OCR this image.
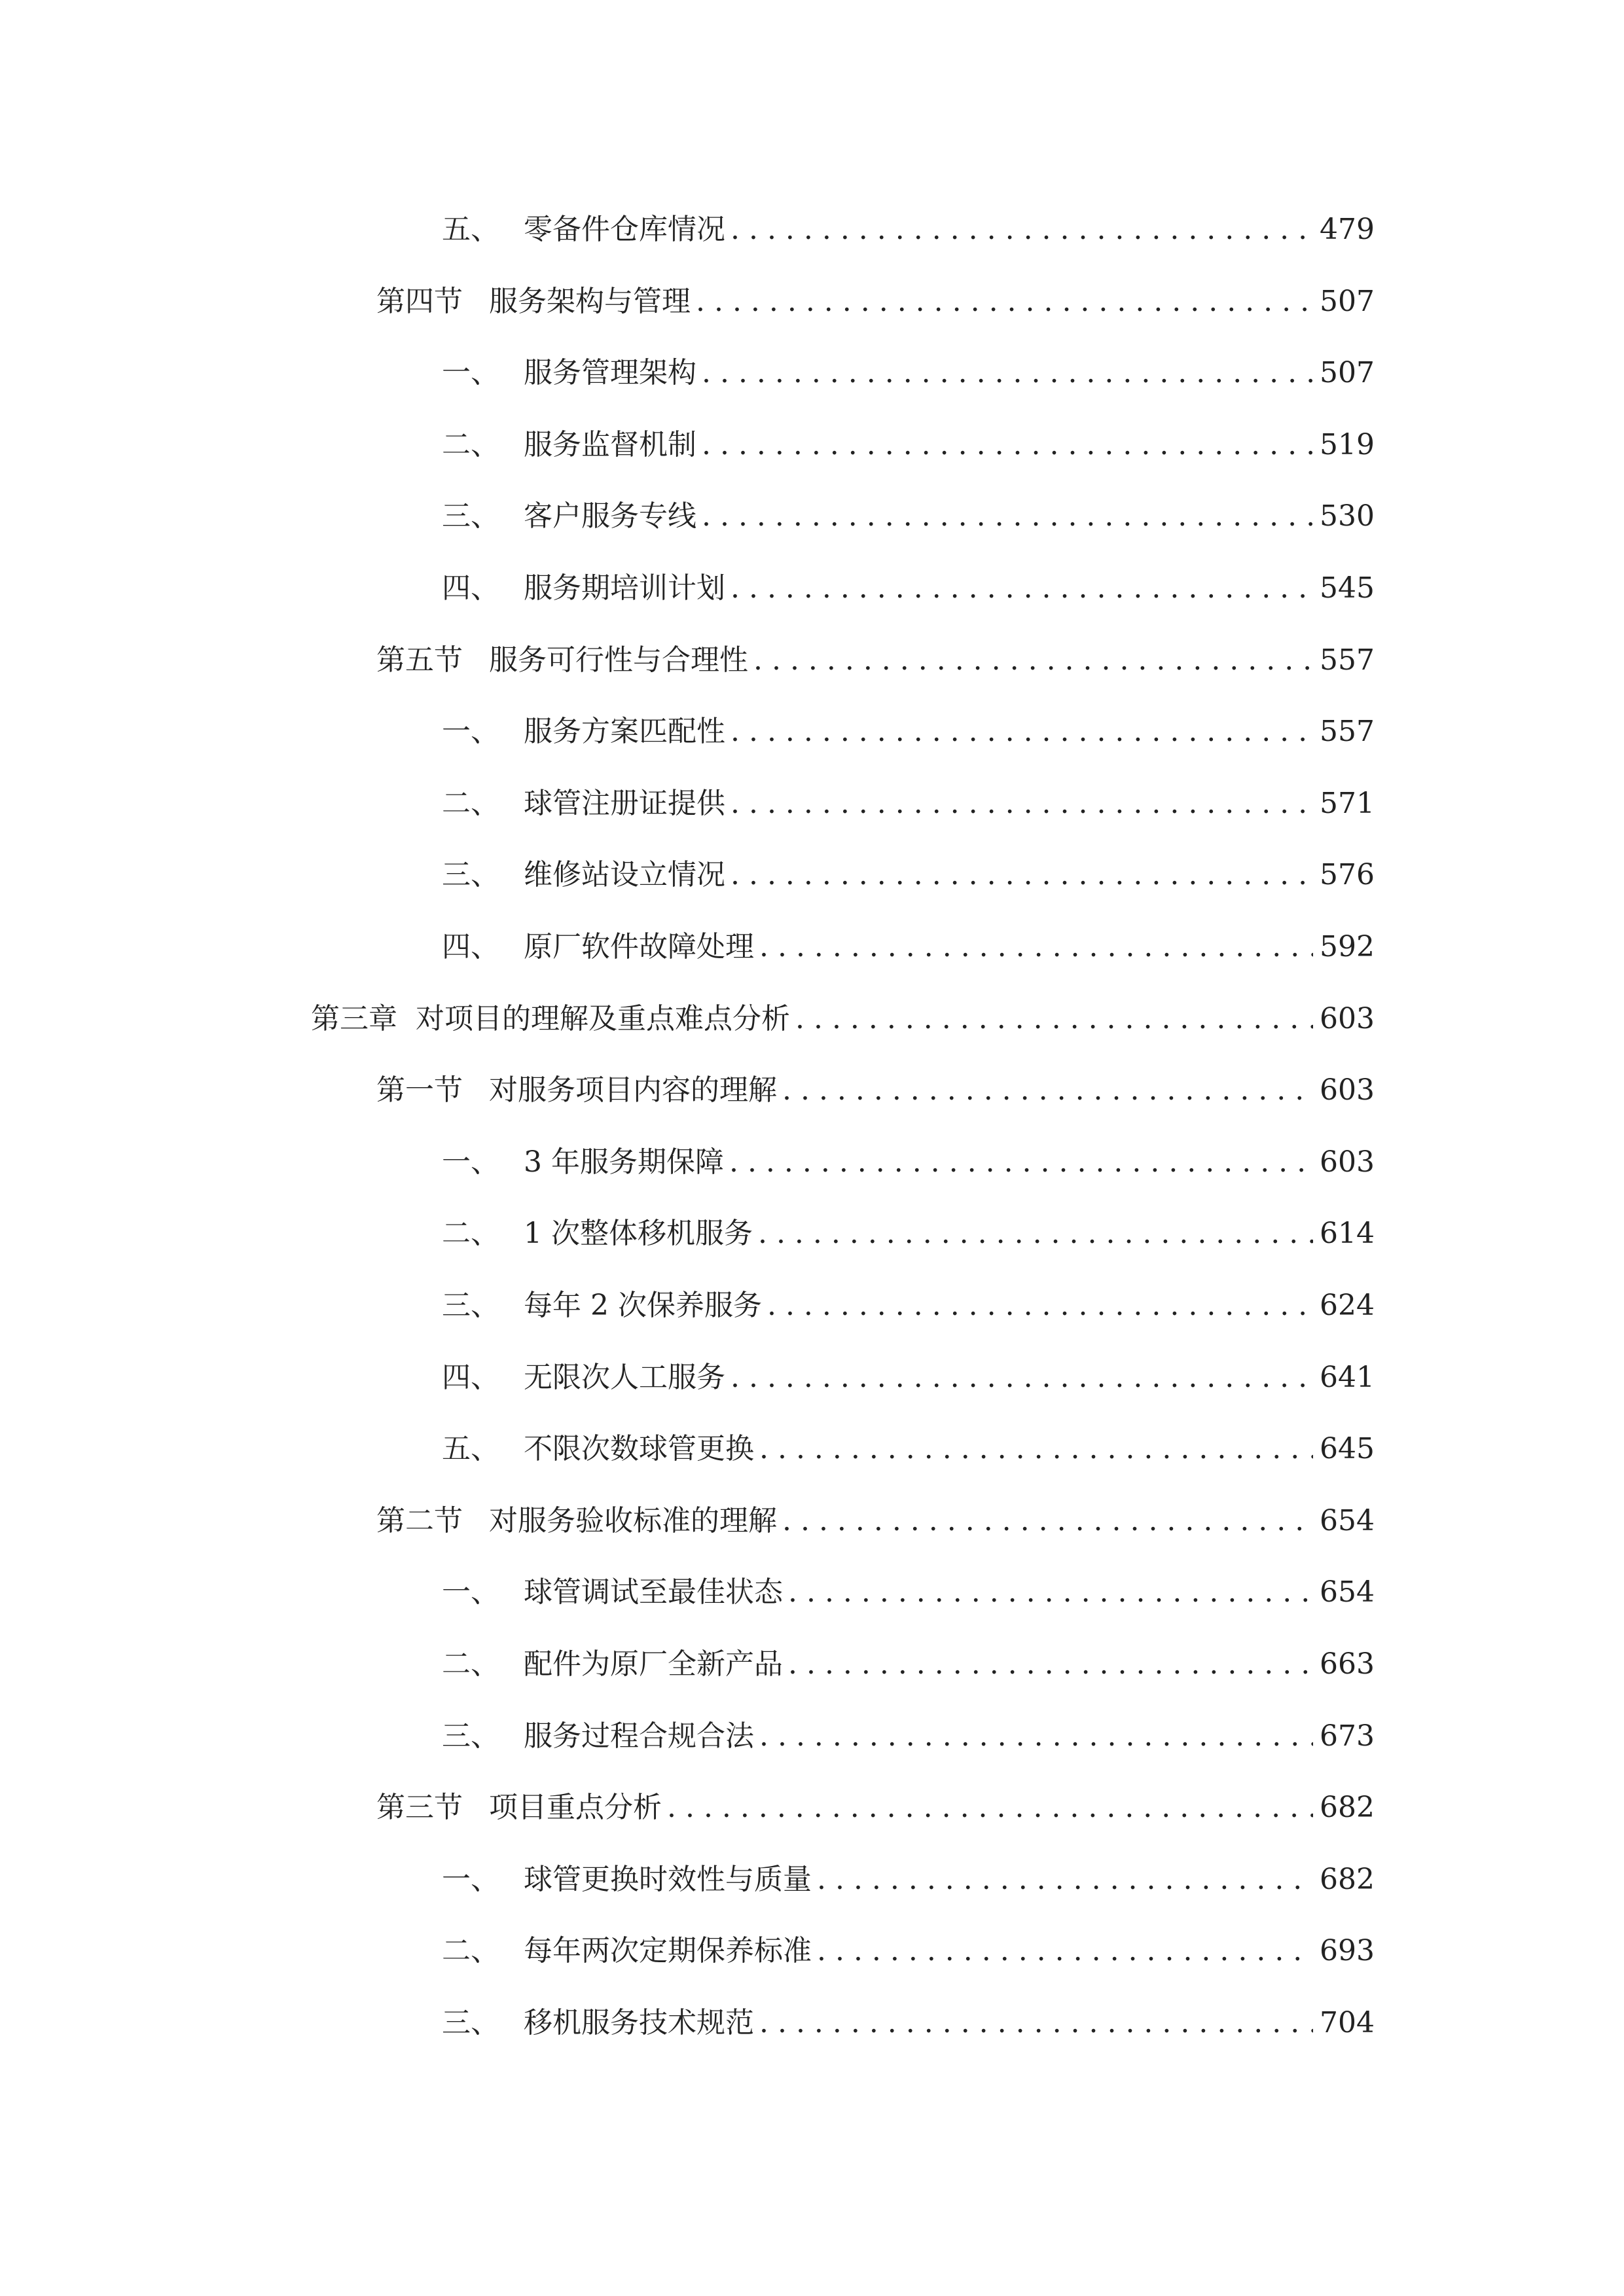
五、 零备件仓库情况 . . .	479
第四节 服务架构与管理 . . .	507
一、 服务管理架构 . . .	507
二、 服务监督机制 . . .	519
三、 客户服务专线 . . .	530
四、 服务期培训计划 . . .	545
第五节 服务可行性与合理性 . . .	557
一、 服务方案匹配性 . . .	557
二、 球管注册证提供 . . .	571
三、 维修站设立情况 . . .	576
四、 原厂软件故障处理 . . .	592
第三章 对项目的理解及重点难点分析 . . .	603
第一节 对服务项目内容的理解 . . .	603
一、 3 年服务期保障 . . .	603
二、 1 次整体移机服务 . . .	614
三、 每年 2 次保养服务 . . .	624
四、 无限次人工服务 . . .	641
五、 不限次数球管更换 . . .	645
第二节 对服务验收标准的理解 . . .	654
一、 球管调试至最佳状态 . . .	654
二、 配件为原厂全新产品 . . .	663
三、 服务过程合规合法 . . .	673
第三节 项目重点分析 . . .	682
一、 球管更换时效性与质量 . . .	682
二、 每年两次定期保养标准 . . .	693
三、 移机服务技术规范 . . .	704
